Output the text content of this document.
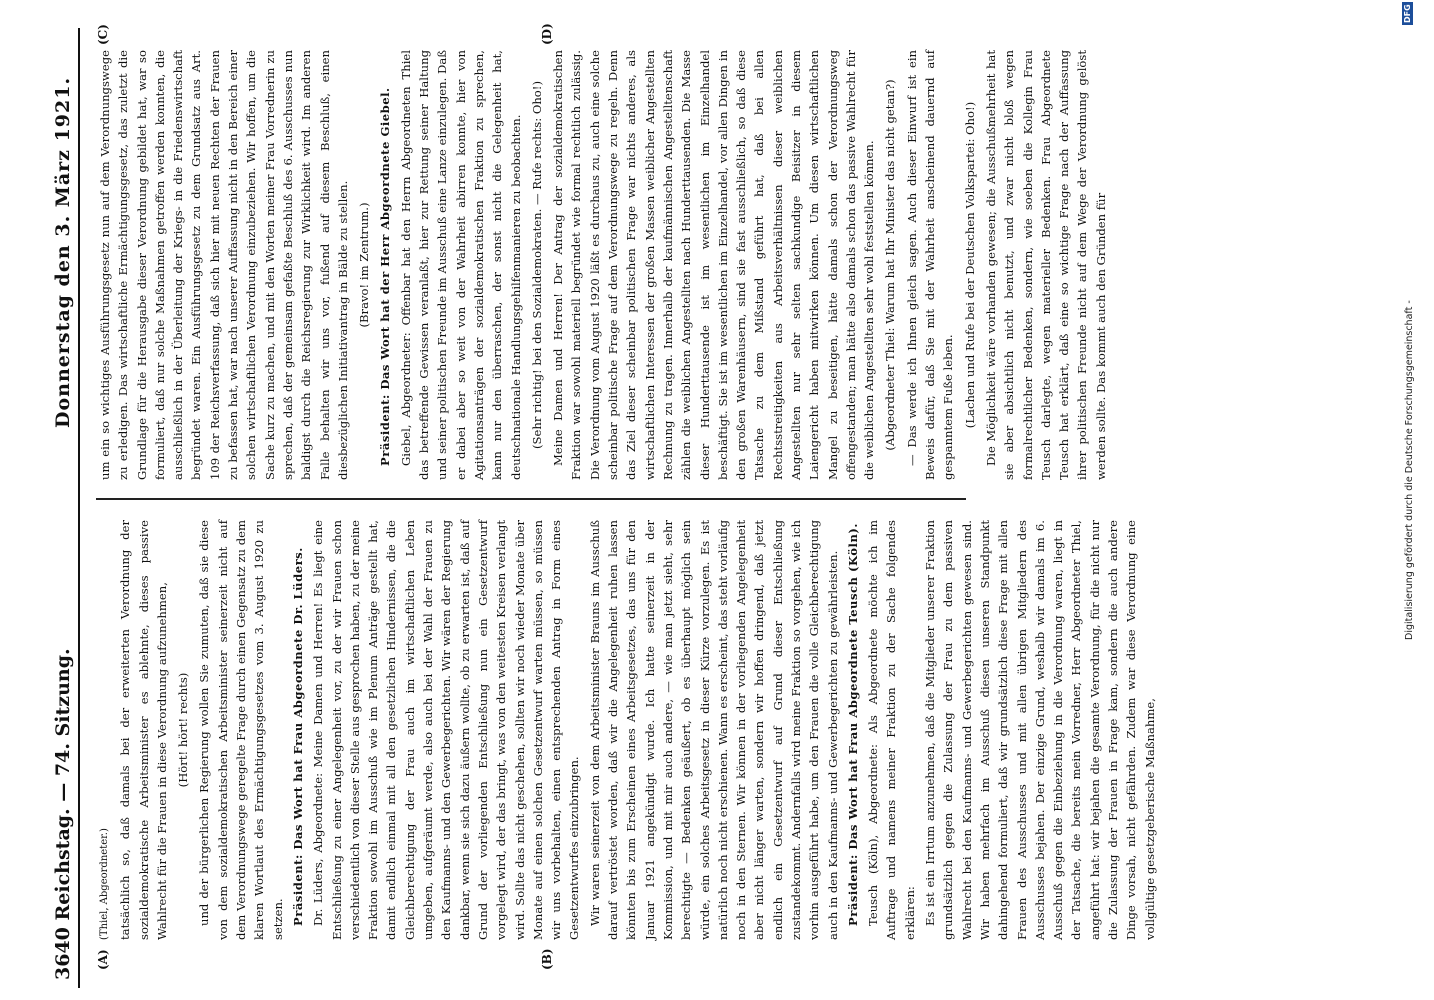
3640 Reichstag. — 74. Sitzung.
Donnerstag den 3. März 1921.
(A)	(B)
(C)	(D)

(Thiel, Abgeordneter.) tatsächlich so, daß damals bei der erweiterten Verordnung der sozialdemokratische Arbeitsminister es ablehnte, dieses passive Wahlrecht für die Frauen in diese Verordnung aufzunehmen, (Hört! hört! rechts) und der bürgerlichen Regierung wollen Sie zumuten, daß sie diese von dem sozialdemokratischen Arbeitsminister seinerzeit nicht auf dem Verordnungswege geregelte Frage durch einen Gegensatz zu dem klaren Wortlaut des Ermächtigungsgesetzes vom 3. August 1920 zu setzen. Präsident: Das Wort hat Frau Abgeordnete Dr. Lüders. Dr. Lüders, Abgeordnete: Meine Damen und Herren! Es liegt eine Entschließung zu einer Angelegenheit vor, zu der wir Frauen schon verschiedentlich von dieser Stelle aus gesprochen haben, zu der meine Fraktion sowohl im Ausschuß wie im Plenum Anträge gestellt hat, damit endlich einmal mit all den gesetzlichen Hindernissen, die die Gleichberechtigung der Frau auch im wirtschaftlichen Leben umgeben, aufgeräumt werde, also auch bei der Wahl der Frauen zu den Kaufmanns- und den Gewerbegerichten. Wir wären der Regierung dankbar, wenn sie sich dazu äußern wollte, ob zu erwarten ist, daß auf Grund der vorliegenden Entschließung nun ein Gesetzentwurf vorgelegt wird, der das bringt, was von den weitesten Kreisen verlangt wird. Sollte das nicht geschehen, sollten wir noch wieder Monate über Monate auf einen solchen Gesetzentwurf warten müssen, so müssen wir uns vorbehalten, einen entsprechenden Antrag in Form eines Gesetzentwurfes einzubringen. Wir waren seinerzeit von dem Arbeitsminister Brauns im Ausschuß darauf vertröstet worden, daß wir die Angelegenheit ruhen lassen könnten bis zum Erscheinen eines Arbeitsgesetzes, das uns für den Januar 1921 angekündigt wurde. Ich hatte seinerzeit in der Kommission, und mit mir auch andere, — wie man jetzt sieht, sehr berechtigte — Bedenken geäußert, ob es überhaupt möglich sein würde, ein solches Arbeitsgesetz in dieser Kürze vorzulegen. Es ist natürlich noch nicht erschienen. Wann es erscheint, das steht vorläufig noch in den Sternen. Wir können in der vorliegenden Angelegenheit aber nicht länger warten, sondern wir hoffen dringend, daß jetzt endlich ein Gesetzentwurf auf Grund dieser Entschließung zustandekommt. Andernfalls wird meine Fraktion so vorgehen, wie ich vorhin ausgeführt habe, um den Frauen die volle Gleichberechtigung auch in den Kaufmanns- und Gewerbegerichten zu gewährleisten. Präsident: Das Wort hat Frau Abgeordnete Teusch (Köln). Teusch (Köln), Abgeordnete: Als Abgeordnete möchte ich im Auftrage und namens meiner Fraktion zu der Sache folgendes erklären: Es ist ein Irrtum anzunehmen, daß die Mitglieder unserer Fraktion grundsätzlich gegen die Zulassung der Frau zu dem passiven Wahlrecht bei den Kaufmanns- und Gewerbegerichten gewesen sind. Wir haben mehrfach im Ausschuß diesen unseren Standpunkt dahingehend formuliert, daß wir grundsätzlich diese Frage mit allen Frauen des Ausschusses und mit allen übrigen Mitgliedern des Ausschusses bejahen. Der einzige Grund, weshalb wir damals im 6. Ausschuß gegen die Einbeziehung in die Verordnung waren, liegt in der Tatsache, die bereits mein Vorredner, Herr Abgeordneter Thiel, angeführt hat: wir bejahen die gesamte Verordnung, für die nicht nur die Zulassung der Frauen in Frage kam, sondern die auch andere Dinge vorsah, nicht gefährden. Zudem war diese Verordnung eine vollgültige gesetzgeberische Maßnahme,

um ein so wichtiges Ausführungsgesetz nun auf dem Verordnungswege zu erledigen. Das wirtschaftliche Ermächtigungsgesetz, das zuletzt die Grundlage für die Herausgabe dieser Verordnung gebildet hat, war so formuliert, daß nur solche Maßnahmen getroffen werden konnten, die ausschließlich in der Überleitung der Kriegs- in die Friedenswirtschaft begründet waren. Ein Ausführungsgesetz zu dem Grundsatz aus Art. 109 der Reichsverfassung, daß sich hier mit neuen Rechten der Frauen zu befassen hat, war nach unserer Auffassung nicht in den Bereich einer solchen wirtschaftlichen Verordnung einzubeziehen. Wir hoffen, um die Sache kurz zu machen, und mit den Worten meiner Frau Vorrednerin zu sprechen, daß der gemeinsam gefaßte Beschluß des 6. Ausschusses nun baldigst durch die Reichsregierung zur Wirklichkeit wird. Im anderen Falle behalten wir uns vor, fußend auf diesem Beschluß, einen diesbezüglichen Initiativantrag in Bälde zu stellen. (Bravo! im Zentrum.) Präsident: Das Wort hat der Herr Abgeordnete Giebel. Giebel, Abgeordneter: Offenbar hat den Herrn Abgeordneten Thiel das betreffende Gewissen veranlaßt, hier zur Rettung seiner Haltung und seiner politischen Freunde im Ausschuß eine Lanze einzulegen. Daß er dabei aber so weit von der Wahrheit abirren konnte, hier von Agitationsanträgen der sozialdemokratischen Fraktion zu sprechen, kann nur den überraschen, der sonst nicht die Gelegenheit hat, deutschnationale Handlungsgehilfenmanieren zu beobachten. (Sehr richtig! bei den Sozialdemokraten. — Rufe rechts: Oho!) Meine Damen und Herren! Der Antrag der sozialdemokratischen Fraktion war sowohl materiell begründet wie formal rechtlich zulässig. Die Verordnung vom August 1920 läßt es durchaus zu, auch eine solche scheinbar politische Frage auf dem Verordnungswege zu regeln. Denn das Ziel dieser scheinbar politischen Frage war nichts anderes, als wirtschaftlichen Interessen der großen Massen weiblicher Angestellten Rechnung zu tragen. Innerhalb der kaufmännischen Angestelltenschaft zählen die weiblichen Angestellten nach Hunderttausenden. Die Masse dieser Hunderttausende ist im wesentlichen im Einzelhandel beschäftigt. Sie ist im wesentlichen im Einzelhandel, vor allen Dingen in den großen Warenhäusern, sind sie fast ausschließlich, so daß diese Tatsache zu dem Mißstand geführt hat, daß bei allen Rechtsstreitigkeiten aus Arbeitsverhältnissen dieser weiblichen Angestellten nur sehr selten sachkundige Beisitzer in diesem Laiengericht haben mitwirken können. Um diesen wirtschaftlichen Mangel zu beseitigen, hätte damals schon der Verordnungsweg offengestanden; man hätte also damals schon das passive Wahlrecht für die weiblichen Angestellten sehr wohl feststellen können. (Abgeordneter Thiel: Warum hat Ihr Minister das nicht getan?) — Das werde ich Ihnen gleich sagen. Auch dieser Einwurf ist ein Beweis dafür, daß Sie mit der Wahrheit anscheinend dauernd auf gespanntem Fuße leben. (Lachen und Rufe bei der Deutschen Volkspartei: Oho!) Die Möglichkeit wäre vorhanden gewesen; die Ausschußmehrheit hat sie aber absichtlich nicht benutzt, und zwar nicht bloß wegen formalrechtlicher Bedenken, sondern, wie soeben die Kollegin Frau Teusch darlegte, wegen materieller Bedenken. Frau Abgeordnete Teusch hat erklärt, daß eine so wichtige Frage nach der Auffassung ihrer politischen Freunde nicht auf dem Wege der Verordnung gelöst werden sollte. Das kommt auch den Gründen für	Digitalisierung gefördert durch die Deutsche Forschungsgemeinschaft -
DFG
